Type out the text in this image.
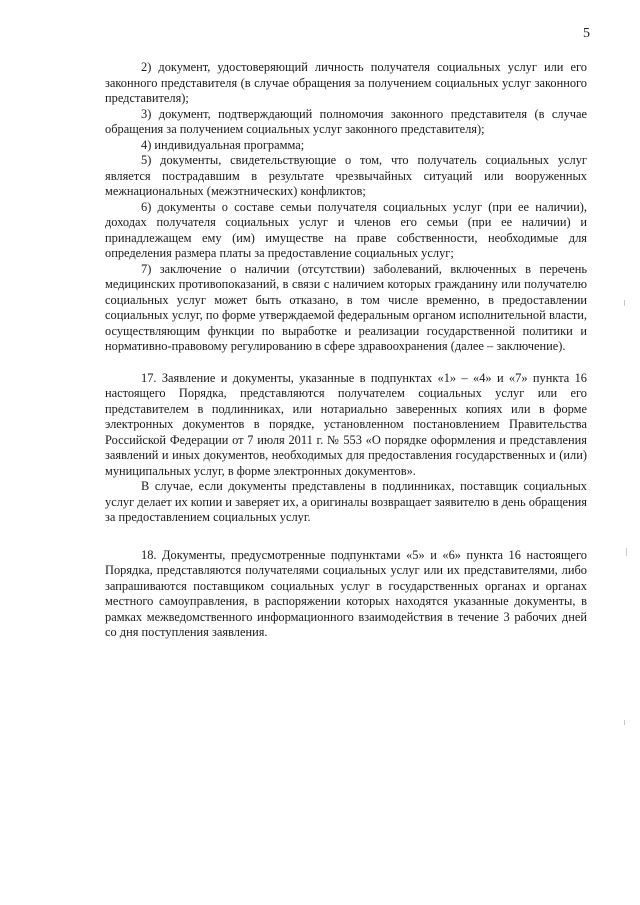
5

2) документ, удостоверяющий личность получателя социальных услуг или его законного представителя (в случае обращения за получением социальных услуг законного представителя);

3) документ, подтверждающий полномочия законного представителя (в случае обращения за получением социальных услуг законного представителя);

4) индивидуальная программа;

5) документы, свидетельствующие о том, что получатель социальных услуг является пострадавшим в результате чрезвычайных ситуаций или вооруженных межнациональных (межэтнических) конфликтов;

6) документы о составе семьи получателя социальных услуг (при ее наличии), доходах получателя социальных услуг и членов его семьи (при ее наличии) и принадлежащем ему (им) имуществе на праве собственности, необходимые для определения размера платы за предоставление социальных услуг;

7) заключение о наличии (отсутствии) заболеваний, включенных в перечень медицинских противопоказаний, в связи с наличием которых гражданину или получателю социальных услуг может быть отказано, в том числе временно, в предоставлении социальных услуг, по форме утверждаемой федеральным органом исполнительной власти, осуществляющим функции по выработке и реализации государственной политики и нормативно-правовому регулированию в сфере здравоохранения (далее – заключение).

17. Заявление и документы, указанные в подпунктах «1» – «4» и «7» пункта 16 настоящего Порядка, представляются получателем социальных услуг или его представителем в подлинниках, или нотариально заверенных копиях или в форме электронных документов в порядке, установленном постановлением Правительства Российской Федерации от 7 июля 2011 г. № 553 «О порядке оформления и представления заявлений и иных документов, необходимых для предоставления государственных и (или) муниципальных услуг, в форме электронных документов».

В случае, если документы представлены в подлинниках, поставщик социальных услуг делает их копии и заверяет их, а оригиналы возвращает заявителю в день обращения за предоставлением социальных услуг.

18. Документы, предусмотренные подпунктами «5» и «6» пункта 16 настоящего Порядка, представляются получателями социальных услуг или их представителями, либо запрашиваются поставщиком социальных услуг в государственных органах и органах местного самоуправления, в распоряжении которых находятся указанные документы, в рамках межведомственного информационного взаимодействия в течение 3 рабочих дней со дня поступления заявления.
